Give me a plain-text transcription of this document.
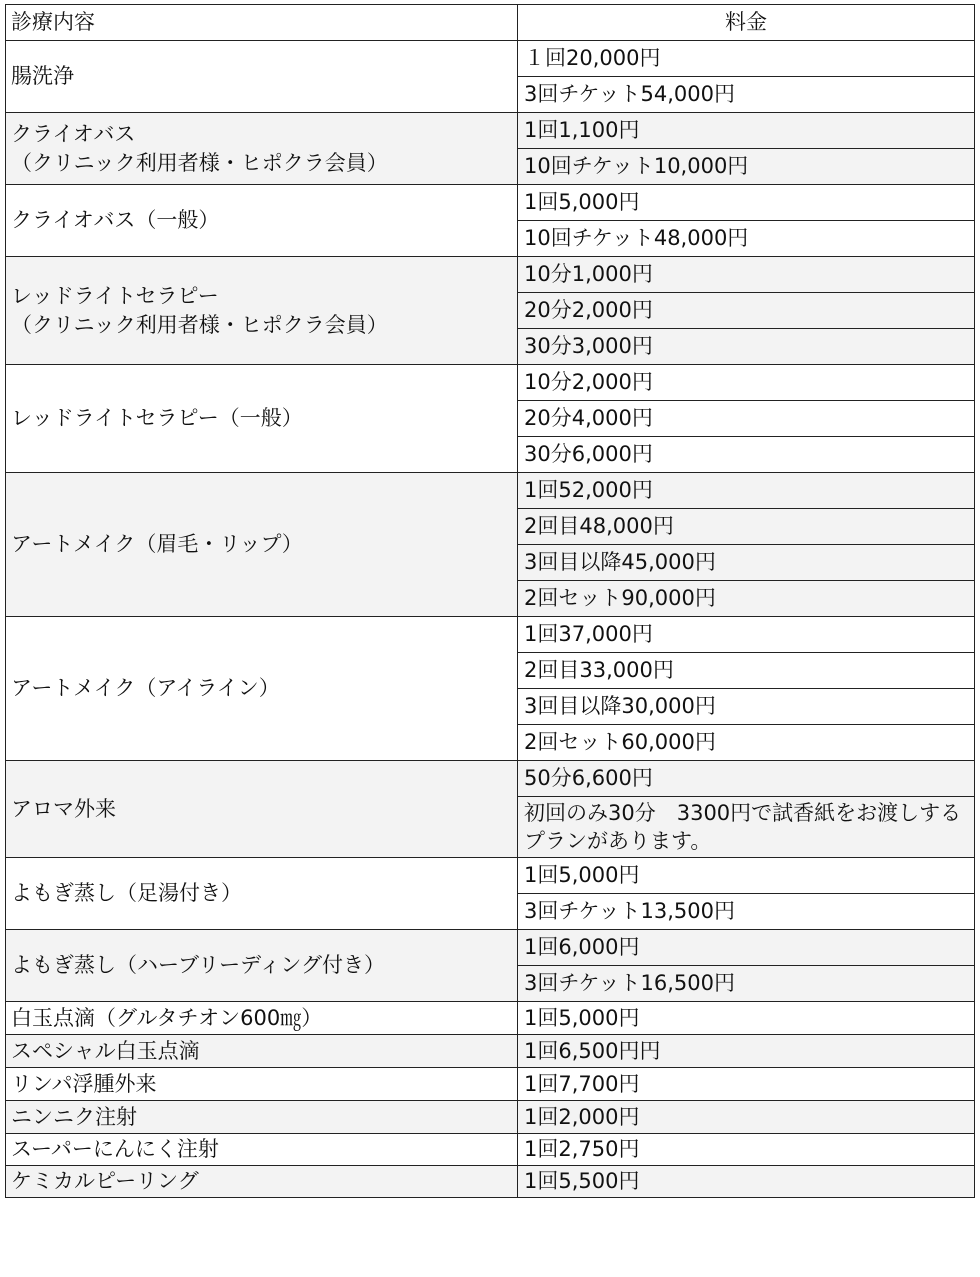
診療内容	料金
腸洗浄	１回20,000円
	3回チケット54,000円
クライオバス
（クリニック利用者様・ヒポクラ会員）	1回1,100円
	10回チケット10,000円
クライオバス（一般）	1回5,000円
	10回チケット48,000円
レッドライトセラピー
（クリニック利用者様・ヒポクラ会員）	10分1,000円
	20分2,000円
	30分3,000円
レッドライトセラピー（一般）	10分2,000円
	20分4,000円
	30分6,000円
アートメイク（眉毛・リップ）	1回52,000円
	2回目48,000円
	3回目以降45,000円
	2回セット90,000円
アートメイク（アイライン）	1回37,000円
	2回目33,000円
	3回目以降30,000円
	2回セット60,000円
アロマ外来	50分6,600円
	初回のみ30分　3300円で試香紙をお渡しするプランがあります。
よもぎ蒸し（足湯付き）	1回5,000円
	3回チケット13,500円
よもぎ蒸し（ハーブリーディング付き）	1回6,000円
	3回チケット16,500円
白玉点滴（グルタチオン600㎎）	1回5,000円
スペシャル白玉点滴	1回6,500円円
リンパ浮腫外来	1回7,700円
ニンニク注射	1回2,000円
スーパーにんにく注射	1回2,750円
ケミカルピーリング	1回5,500円
